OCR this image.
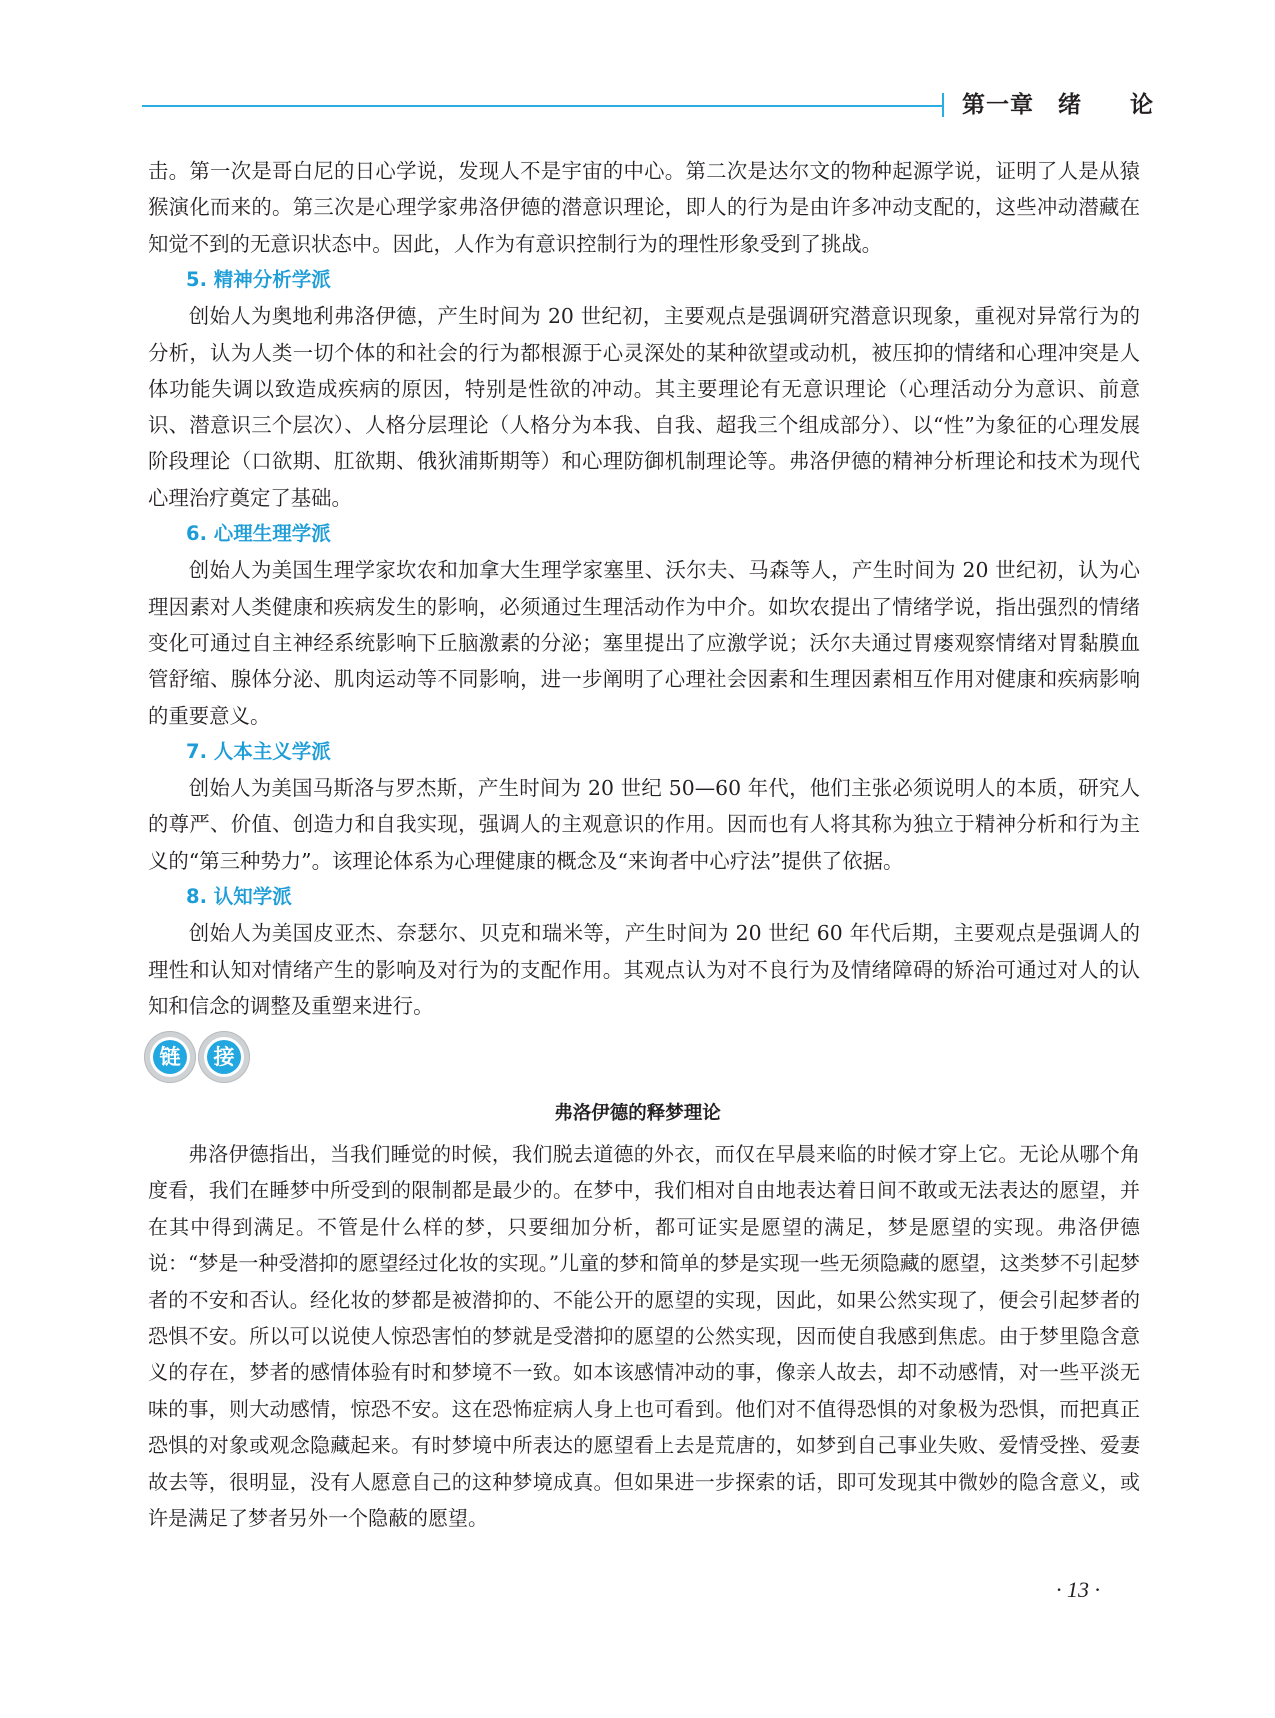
第一章　绪　　论

击。第一次是哥白尼的日心学说，发现人不是宇宙的中心。第二次是达尔文的物种起源学说，证明了人是从猿猴演化而来的。第三次是心理学家弗洛伊德的潜意识理论，即人的行为是由许多冲动支配的，这些冲动潜藏在知觉不到的无意识状态中。因此，人作为有意识控制行为的理性形象受到了挑战。

5. 精神分析学派

创始人为奥地利弗洛伊德，产生时间为 20 世纪初，主要观点是强调研究潜意识现象，重视对异常行为的分析，认为人类一切个体的和社会的行为都根源于心灵深处的某种欲望或动机，被压抑的情绪和心理冲突是人体功能失调以致造成疾病的原因，特别是性欲的冲动。其主要理论有无意识理论（心理活动分为意识、前意识、潜意识三个层次）、人格分层理论（人格分为本我、自我、超我三个组成部分）、以“性”为象征的心理发展阶段理论（口欲期、肛欲期、俄狄浦斯期等）和心理防御机制理论等。弗洛伊德的精神分析理论和技术为现代心理治疗奠定了基础。

6. 心理生理学派

创始人为美国生理学家坎农和加拿大生理学家塞里、沃尔夫、马森等人，产生时间为 20 世纪初，认为心理因素对人类健康和疾病发生的影响，必须通过生理活动作为中介。如坎农提出了情绪学说，指出强烈的情绪变化可通过自主神经系统影响下丘脑激素的分泌；塞里提出了应激学说；沃尔夫通过胃瘘观察情绪对胃黏膜血管舒缩、腺体分泌、肌肉运动等不同影响，进一步阐明了心理社会因素和生理因素相互作用对健康和疾病影响的重要意义。

7. 人本主义学派

创始人为美国马斯洛与罗杰斯，产生时间为 20 世纪 50—60 年代，他们主张必须说明人的本质，研究人的尊严、价值、创造力和自我实现，强调人的主观意识的作用。因而也有人将其称为独立于精神分析和行为主义的“第三种势力”。该理论体系为心理健康的概念及“来询者中心疗法”提供了依据。

8. 认知学派

创始人为美国皮亚杰、奈瑟尔、贝克和瑞米等，产生时间为 20 世纪 60 年代后期，主要观点是强调人的理性和认知对情绪产生的影响及对行为的支配作用。其观点认为对不良行为及情绪障碍的矫治可通过对人的认知和信念的调整及重塑来进行。

链	接
弗洛伊德的释梦理论

弗洛伊德指出，当我们睡觉的时候，我们脱去道德的外衣，而仅在早晨来临的时候才穿上它。无论从哪个角度看，我们在睡梦中所受到的限制都是最少的。在梦中，我们相对自由地表达着日间不敢或无法表达的愿望，并在其中得到满足。不管是什么样的梦，只要细加分析，都可证实是愿望的满足，梦是愿望的实现。弗洛伊德说：“梦是一种受潜抑的愿望经过化妆的实现。”儿童的梦和简单的梦是实现一些无须隐藏的愿望，这类梦不引起梦者的不安和否认。经化妆的梦都是被潜抑的、不能公开的愿望的实现，因此，如果公然实现了，便会引起梦者的恐惧不安。所以可以说使人惊恐害怕的梦就是受潜抑的愿望的公然实现，因而使自我感到焦虑。由于梦里隐含意义的存在，梦者的感情体验有时和梦境不一致。如本该感情冲动的事，像亲人故去，却不动感情，对一些平淡无味的事，则大动感情，惊恐不安。这在恐怖症病人身上也可看到。他们对不值得恐惧的对象极为恐惧，而把真正恐惧的对象或观念隐藏起来。有时梦境中所表达的愿望看上去是荒唐的，如梦到自己事业失败、爱情受挫、爱妻故去等，很明显，没有人愿意自己的这种梦境成真。但如果进一步探索的话，即可发现其中微妙的隐含意义，或许是满足了梦者另外一个隐蔽的愿望。

· 13 ·
